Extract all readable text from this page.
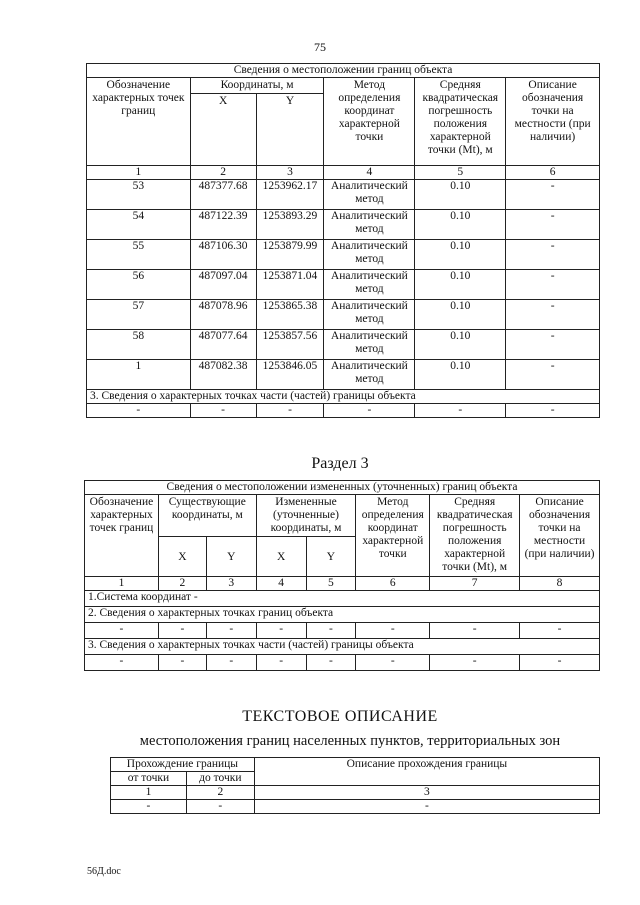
75
Сведения о местоположении границ объекта					
Обозначение характерных точек границ	Координаты, м		Метод определения координат характерной точки	Средняя квадратическая погрешность положения характерной точки (Mt), м	Описание обозначения точки на местности (при наличии)
	X	Y			
1	2	3	4	5	6
53	487377.68	1253962.17	Аналитический метод	0.10	-
54	487122.39	1253893.29	Аналитический метод	0.10	-
55	487106.30	1253879.99	Аналитический метод	0.10	-
56	487097.04	1253871.04	Аналитический метод	0.10	-
57	487078.96	1253865.38	Аналитический метод	0.10	-
58	487077.64	1253857.56	Аналитический метод	0.10	-
1	487082.38	1253846.05	Аналитический метод	0.10	-
3. Сведения о характерных точках части (частей) границы объекта					
-	-	-	-	-	-
Раздел 3
Сведения о местоположении измененных (уточненных) границ объекта							
Обозначение характерных точек границ	Существующие координаты, м		Измененные (уточненные) координаты, м		Метод определения координат характерной точки	Средняя квадратическая погрешность положения характерной точки (Mt), м	Описание обозначения точки на местности (при наличии)
	X	Y	X	Y			
1	2	3	4	5	6	7	8
1.Система координат -							
2. Сведения о характерных точках границ объекта							
-	-	-	-	-	-	-	-
3. Сведения о характерных точках части (частей) границы объекта							
-	-	-	-	-	-	-	-
ТЕКСТОВОЕ ОПИСАНИЕ
местоположения границ населенных пунктов, территориальных зон
Прохождение границы		Описание прохождения границы
от точки	до точки	
1	2	3
-	-	-
56Д.doc
